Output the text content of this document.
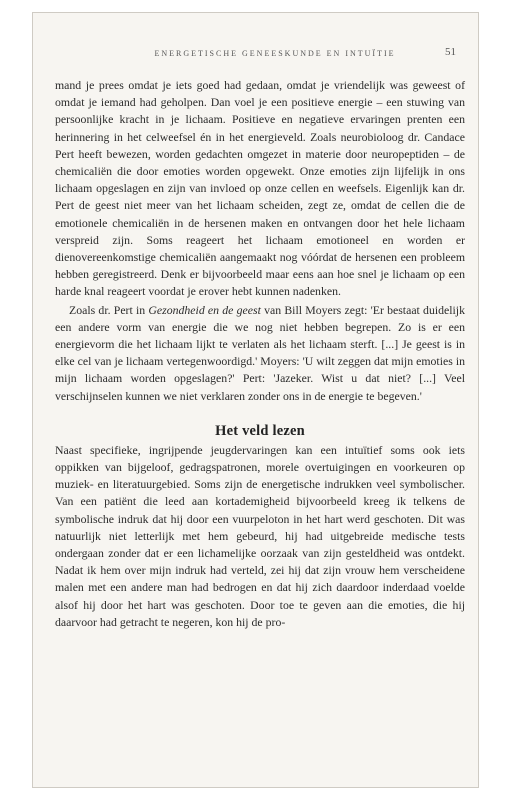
ENERGETISCHE GENEESKUNDE EN INTUÏTIE	51

mand je prees omdat je iets goed had gedaan, omdat je vriendelijk was geweest of omdat je iemand had geholpen. Dan voel je een positieve energie – een stuwing van persoonlijke kracht in je lichaam. Positieve en negatieve ervaringen prenten een herinnering in het celweefsel én in het energieveld. Zoals neurobioloog dr. Candace Pert heeft bewezen, worden gedachten omgezet in materie door neuropeptiden – de chemicaliën die door emoties worden opgewekt. Onze emoties zijn lijfelijk in ons lichaam opgeslagen en zijn van invloed op onze cellen en weefsels. Eigenlijk kan dr. Pert de geest niet meer van het lichaam scheiden, zegt ze, omdat de cellen die de emotionele chemicaliën in de hersenen maken en ontvangen door het hele lichaam verspreid zijn. Soms reageert het lichaam emotioneel en worden er dienovereenkomstige chemicaliën aangemaakt nog vóórdat de hersenen een probleem hebben geregistreerd. Denk er bijvoorbeeld maar eens aan hoe snel je lichaam op een harde knal reageert voordat je erover hebt kunnen nadenken.

Zoals dr. Pert in Gezondheid en de geest van Bill Moyers zegt: 'Er bestaat duidelijk een andere vorm van energie die we nog niet hebben begrepen. Zo is er een energievorm die het lichaam lijkt te verlaten als het lichaam sterft. [...] Je geest is in elke cel van je lichaam vertegenwoordigd.' Moyers: 'U wilt zeggen dat mijn emoties in mijn lichaam worden opgeslagen?' Pert: 'Jazeker. Wist u dat niet? [...] Veel verschijnselen kunnen we niet verklaren zonder ons in de energie te begeven.'

Het veld lezen

Naast specifieke, ingrijpende jeugdervaringen kan een intuïtief soms ook iets oppikken van bijgeloof, gedragspatronen, morele overtuigingen en voorkeuren op muziek- en literatuurgebied. Soms zijn de energetische indrukken veel symbolischer. Van een patiënt die leed aan kortademigheid bijvoorbeeld kreeg ik telkens de symbolische indruk dat hij door een vuurpeloton in het hart werd geschoten. Dit was natuurlijk niet letterlijk met hem gebeurd, hij had uitgebreide medische tests ondergaan zonder dat er een lichamelijke oorzaak van zijn gesteldheid was ontdekt. Nadat ik hem over mijn indruk had verteld, zei hij dat zijn vrouw hem verscheidene malen met een andere man had bedrogen en dat hij zich daardoor inderdaad voelde alsof hij door het hart was geschoten. Door toe te geven aan die emoties, die hij daarvoor had getracht te negeren, kon hij de pro-
